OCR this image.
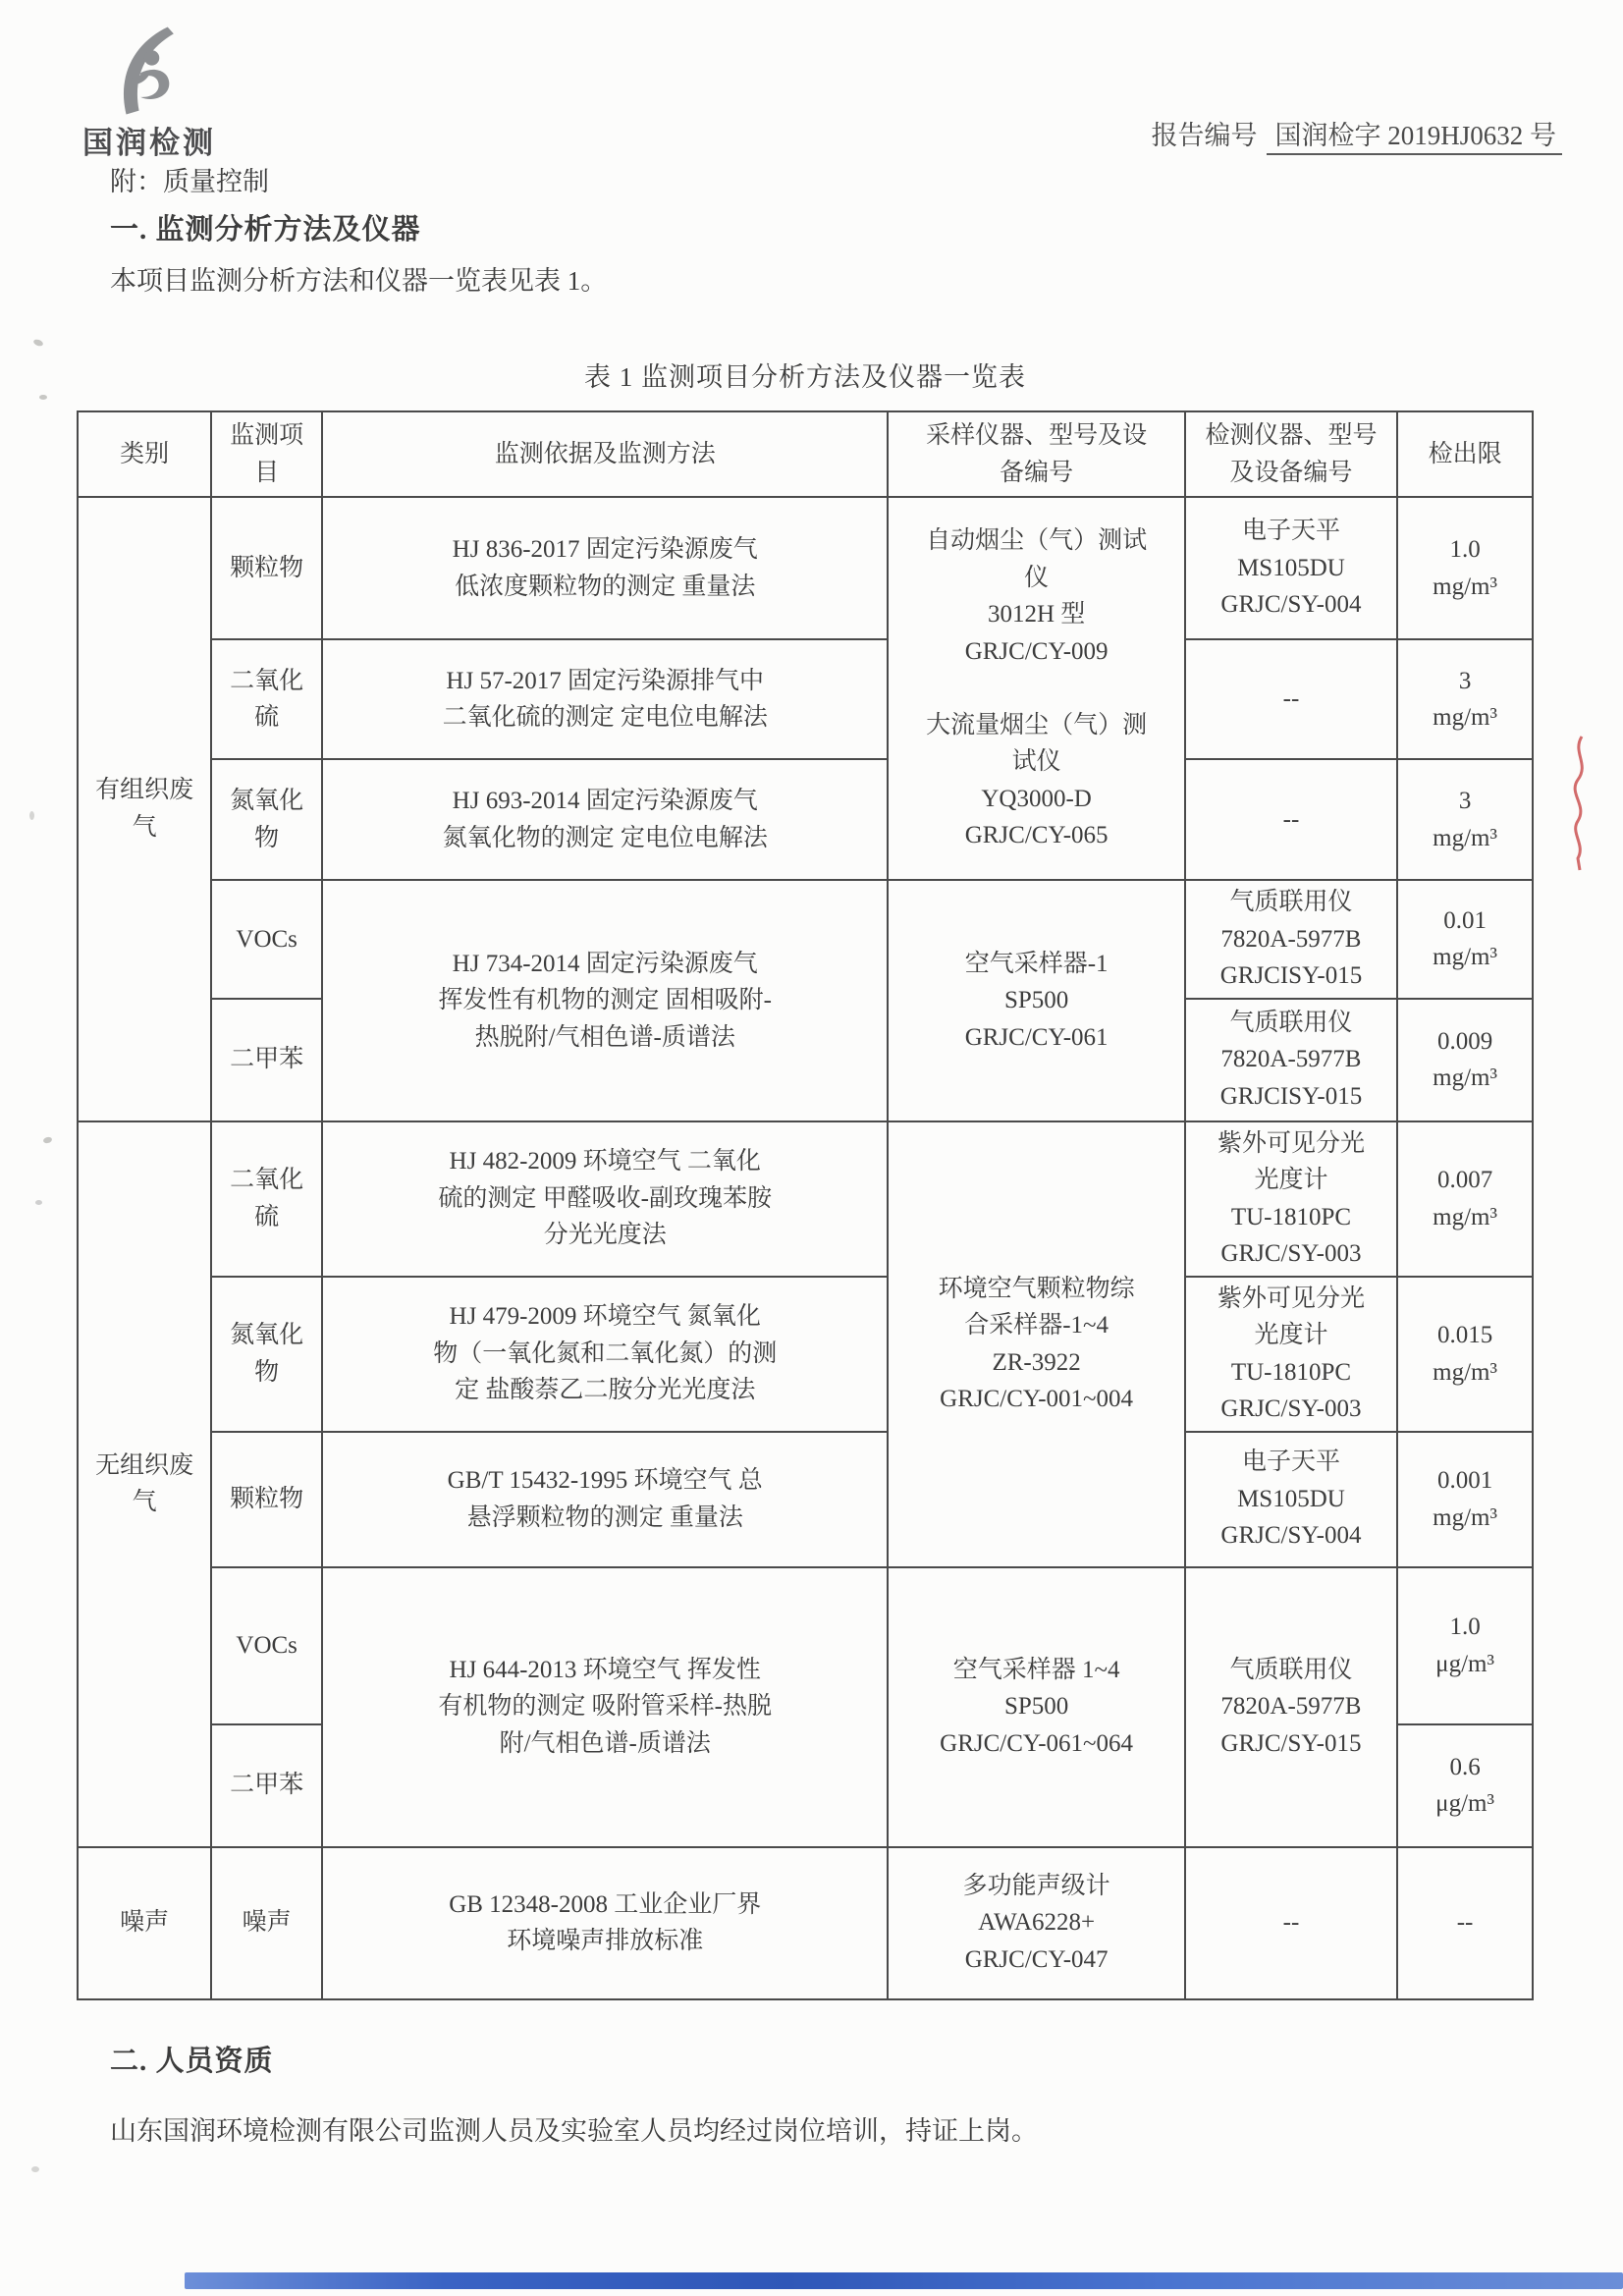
国润检测	报告编号 国润检字 2019HJ0632 号
附：质量控制
一. 监测分析方法及仪器
本项目监测分析方法和仪器一览表见表 1。
表 1 监测项目分析方法及仪器一览表
类别	监测项目	监测依据及监测方法	采样仪器、型号及设
备编号	检测仪器、型号
及设备编号	检出限
有组织废气	颗粒物	HJ 836-2017 固定污染源废气
低浓度颗粒物的测定 重量法	自动烟尘（气）测试
仪
3012H 型
GRJC/CY-009

大流量烟尘（气）测
试仪
YQ3000-D
GRJC/CY-065	电子天平
MS105DU
GRJC/SY-004	1.0
mg/m³
	二氧化硫	HJ 57-2017 固定污染源排气中
二氧化硫的测定 定电位电解法		--	3
mg/m³
	氮氧化物	HJ 693-2014 固定污染源废气
氮氧化物的测定 定电位电解法		--	3
mg/m³
	VOCs	HJ 734-2014 固定污染源废气
挥发性有机物的测定 固相吸附-
热脱附/气相色谱-质谱法	空气采样器-1
SP500
GRJC/CY-061	气质联用仪
7820A-5977B
GRJCISY-015	0.01
mg/m³
	二甲苯			气质联用仪
7820A-5977B
GRJCISY-015	0.009
mg/m³
无组织废气	二氧化硫	HJ 482-2009 环境空气 二氧化
硫的测定 甲醛吸收-副玫瑰苯胺
分光光度法	环境空气颗粒物综
合采样器-1~4
ZR-3922
GRJC/CY-001~004	紫外可见分光
光度计
TU-1810PC
GRJC/SY-003	0.007
mg/m³
	氮氧化物	HJ 479-2009 环境空气 氮氧化
物（一氧化氮和二氧化氮）的测
定 盐酸萘乙二胺分光光度法		紫外可见分光
光度计
TU-1810PC
GRJC/SY-003	0.015
mg/m³
	颗粒物	GB/T 15432-1995 环境空气 总
悬浮颗粒物的测定 重量法		电子天平
MS105DU
GRJC/SY-004	0.001
mg/m³
	VOCs	HJ 644-2013 环境空气 挥发性
有机物的测定 吸附管采样-热脱
附/气相色谱-质谱法	空气采样器 1~4
SP500
GRJC/CY-061~064	气质联用仪
7820A-5977B
GRJC/SY-015	1.0
μg/m³
	二甲苯				0.6
μg/m³
噪声	噪声	GB 12348-2008 工业企业厂界
环境噪声排放标准	多功能声级计
AWA6228+
GRJC/CY-047	--	--
二. 人员资质
山东国润环境检测有限公司监测人员及实验室人员均经过岗位培训，持证上岗。
